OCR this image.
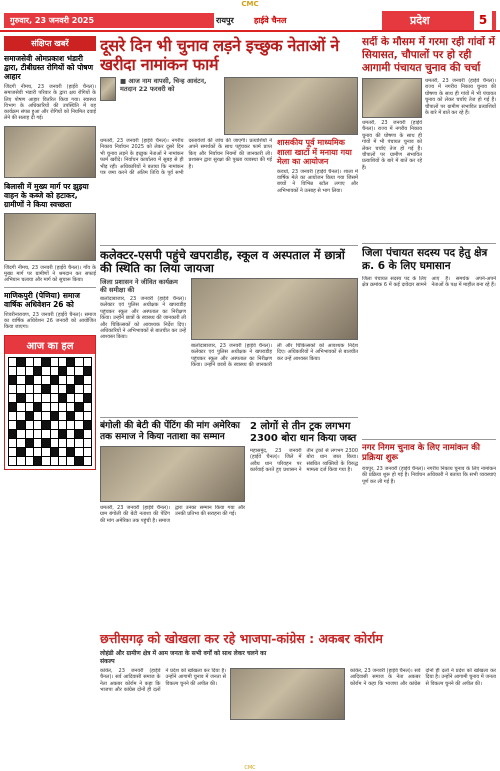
CMC
गुरुवार, 23 जनवरी 2025	रायपुर	हाईवे चैनल	प्रदेश	5
संक्षिप्त खबरें
समाजसेवी ओमप्रकाश भंडारी द्वारा, टीबीग्रस्त रोगियों को पोषण आहार
जिंदगी नीमच, 23 जनवरी (हाईवे चैनल)। समाजसेवी भंडारी परिवार के द्वारा क्षय रोगियों के लिए पोषण आहार वितरित किया गया। स्वास्थ्य विभाग के अधिकारियों की उपस्थिति में यह कार्यक्रम संपन्न हुआ और रोगियों को नियमित दवाई लेने की सलाह दी गई।
बिलासी में मुख्य मार्ग पर झुइया वाहन के कब्जे को हटाकर, ग्रामीणों ने किया स्वच्छता
जिंदगी नीमच, 23 जनवरी (हाईवे चैनल)। गाँव के मुख्य मार्ग पर ग्रामीणों ने श्रमदान कर सफाई अभियान चलाया और मार्ग को सुचारू किया।
माणिकपुरी (पेणिया) समाज वार्षिक अधिवेशन 26 को
शिवरीनारायण, 23 जनवरी (हाईवे चैनल)। समाज का वार्षिक अधिवेशन 26 जनवरी को आयोजित किया जाएगा।
आज का हल
दूसरे दिन भी चुनाव लड़ने इच्छुक नेताओं ने खरीदा नामांकन फार्म
■ आज नाम वापसी, चिन्ह आवंटन, मतदान 22 फरवरी को
धमतरी, 23 जनवरी (हाईवे चैनल)। नगरीय निकाय निर्वाचन 2025 को लेकर दूसरे दिन भी चुनाव लड़ने के इच्छुक नेताओं ने नामांकन फार्म खरीदे। निर्वाचन कार्यालय में सुबह से ही भीड़ रही। अधिकारियों ने बताया कि नामांकन पत्र जमा करने की अंतिम तिथि के पूर्व सभी दस्तावेजों की जांच की जाएगी। प्रत्याशियों ने अपने समर्थकों के साथ पहुंचकर फार्म प्राप्त किए और निर्वाचन नियमों की जानकारी ली। प्रशासन द्वारा सुरक्षा की पुख्ता व्यवस्था की गई है।
शासकीय पूर्व माध्यमिक शाला खाटों में मनाया गया मेला का आयोजन
कवर्धा, 23 जनवरी (हाईवे चैनल)। शाला में वार्षिक मेले का आयोजन किया गया जिसमें बच्चों ने विभिन्न स्टॉल लगाए और अभिभावकों ने उत्साह से भाग लिया।
कलेक्टर-एसपी पहुंचे खपराडीह, स्कूल व अस्पताल में छात्रों की स्थिति का लिया जायजा
जिला प्रशासन ने जीवित कार्यक्रम की समीक्षा की
बालोदाबाजार, 23 जनवरी (हाईवे चैनल)। कलेक्टर एवं पुलिस अधीक्षक ने खपराडीह पहुंचकर स्कूल और अस्पताल का निरीक्षण किया। उन्होंने छात्रों के स्वास्थ्य की जानकारी ली और चिकित्सकों को आवश्यक निर्देश दिए। अधिकारियों ने अभिभावकों से बातचीत कर उन्हें आश्वस्त किया।
बालोदाबाजार, 23 जनवरी (हाईवे चैनल)। कलेक्टर एवं पुलिस अधीक्षक ने खपराडीह पहुंचकर स्कूल और अस्पताल का निरीक्षण किया। उन्होंने छात्रों के स्वास्थ्य की जानकारी ली और चिकित्सकों को आवश्यक निर्देश दिए। अधिकारियों ने अभिभावकों से बातचीत कर उन्हें आश्वस्त किया।
बंगोली की बेटी की पेंटिंग की मांग अमेरिका तक समाज ने किया नताशा का सम्मान
धमतरी, 23 जनवरी (हाईवे चैनल)। ग्राम बंगोली की बेटी नताशा की पेंटिंग की मांग अमेरिका तक पहुंची है। समाज द्वारा उनका सम्मान किया गया और उनकी प्रतिभा की सराहना की गई।
2 लोगों से तीन ट्रक लगभग 2300 बोरा धान किया जब्त
महासमुंद, 23 जनवरी (हाईवे चैनल)। जिले में अवैध धान परिवहन पर कार्रवाई करते हुए प्रशासन ने तीन ट्रकों से लगभग 2300 बोरा धान जब्त किया। संबंधित व्यक्तियों के विरुद्ध मामला दर्ज किया गया है।
सर्दी के मौसम में गरमा रही गांवों में सियासत, चौपालों पर हो रही आगामी पंचायत चुनाव की चर्चा
धमतरी, 23 जनवरी (हाईवे चैनल)। राज्य में नगरीय निकाय चुनाव की घोषणा के साथ ही गांवों में भी पंचायत चुनाव को लेकर चर्चाएं तेज हो गई हैं। चौपालों पर ग्रामीण संभावित प्रत्याशियों के बारे में बातें कर रहे हैं।
धमतरी, 23 जनवरी (हाईवे चैनल)। राज्य में नगरीय निकाय चुनाव की घोषणा के साथ ही गांवों में भी पंचायत चुनाव को लेकर चर्चाएं तेज हो गई हैं। चौपालों पर ग्रामीण संभावित प्रत्याशियों के बारे में बातें कर रहे हैं।
जिला पंचायत सदस्य पद हेतु क्षेत्र क्र. 6 के लिए घमासान
जिला पंचायत सदस्य पद के लिए क्षेत्र क्रमांक 6 में कई दावेदार सामने आए हैं। समर्थक अपने-अपने नेताओं के पक्ष में माहौल बना रहे हैं।
नगर निगम चुनाव के लिए नामांकन की प्रक्रिया शुरू
रायपुर, 23 जनवरी (हाईवे चैनल)। नगरीय निकाय चुनाव के लिए नामांकन की प्रक्रिया शुरू हो गई है। निर्वाचन अधिकारी ने बताया कि सभी व्यवस्थाएं पूर्ण कर ली गई हैं।
छत्तीसगढ़ को खोखला कर रहे भाजपा-कांग्रेस : अकबर कोर्राम
लोहंडी और ग्रामीण क्षेत्र में आम जनता के सभी वर्गों को साथ लेकर चलने का संकल्प
कांकेर, 23 जनवरी (हाईवे चैनल)। सर्व आदिवासी समाज के नेता अकबर कोर्राम ने कहा कि भाजपा और कांग्रेस दोनों ही दलों ने प्रदेश को खोखला कर दिया है। उन्होंने आगामी चुनाव में जनता से विकल्प चुनने की अपील की।
कांकेर, 23 जनवरी (हाईवे चैनल)। सर्व आदिवासी समाज के नेता अकबर कोर्राम ने कहा कि भाजपा और कांग्रेस दोनों ही दलों ने प्रदेश को खोखला कर दिया है। उन्होंने आगामी चुनाव में जनता से विकल्प चुनने की अपील की।
CMC
